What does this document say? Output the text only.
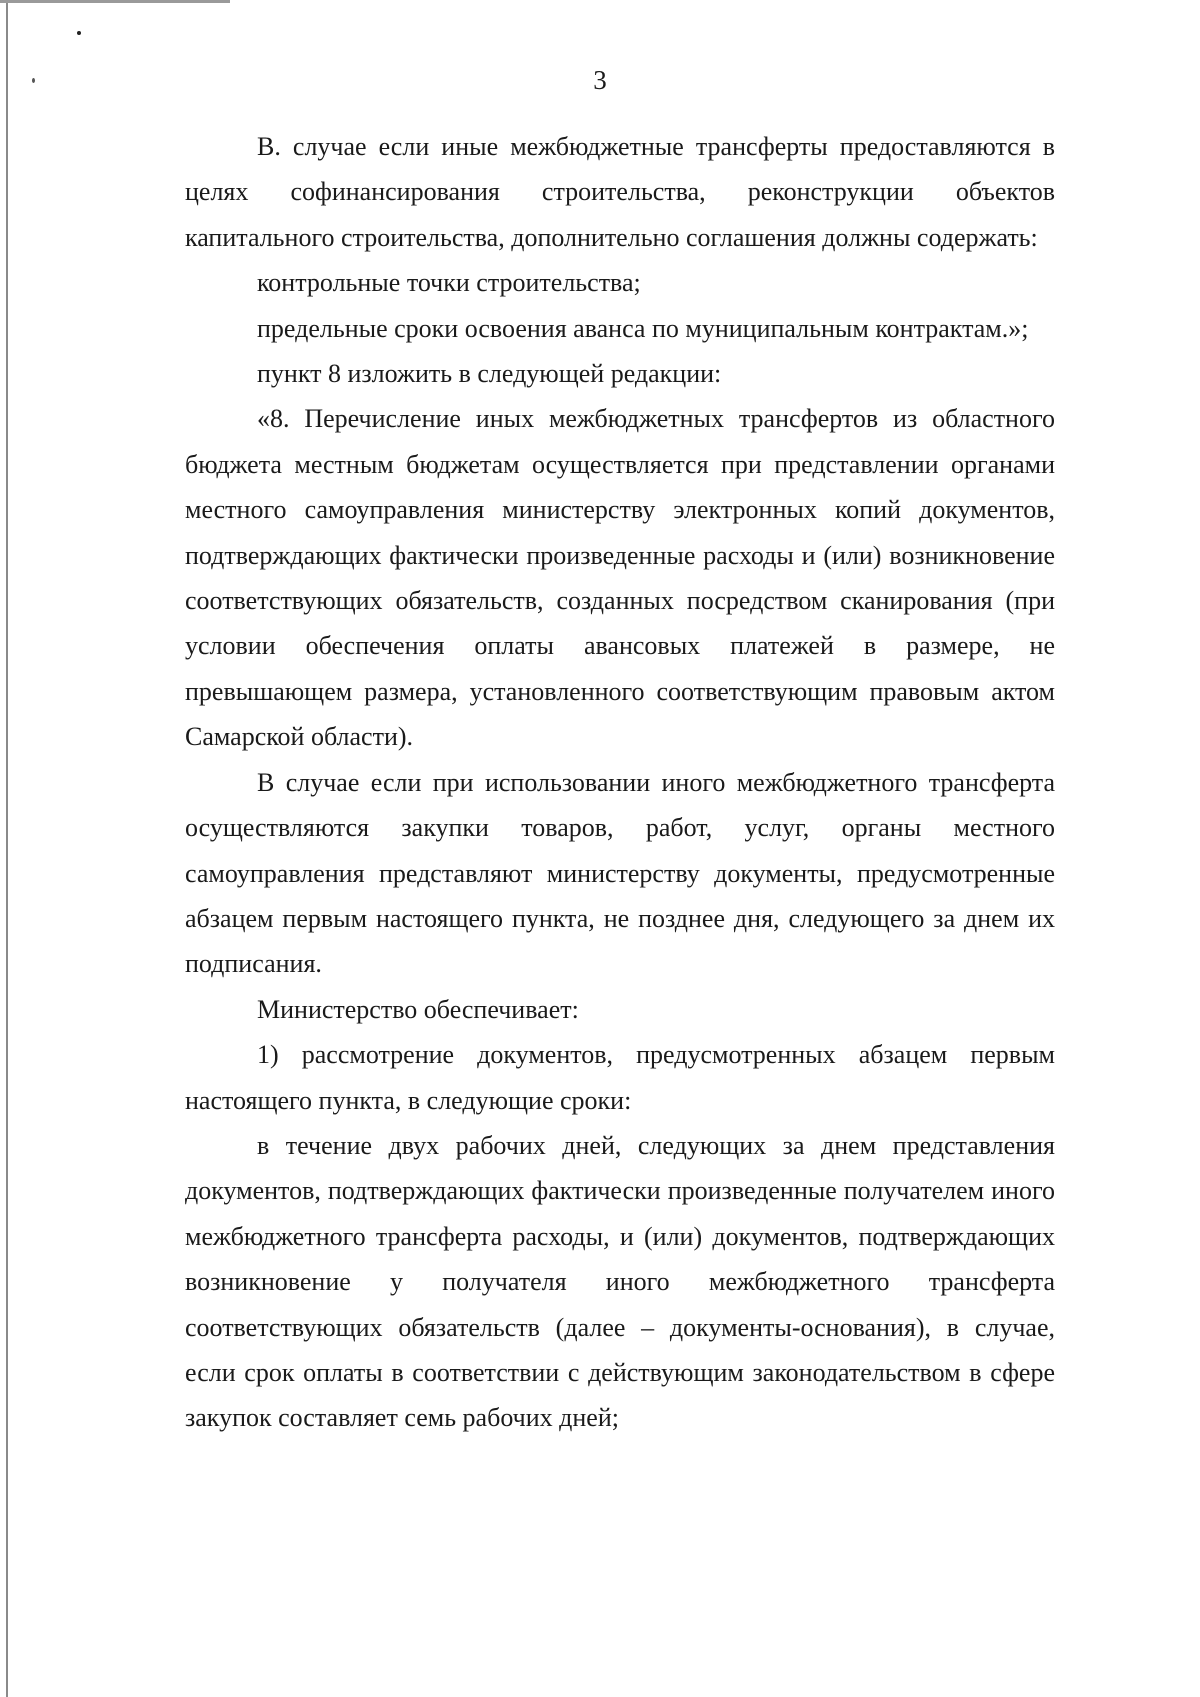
3

В. случае если иные межбюджетные трансферты предоставляются в целях софинансирования строительства, реконструкции объектов капитального строительства, дополнительно соглашения должны содержать:

контрольные точки строительства;

предельные сроки освоения аванса по муниципальным контрактам.»;

пункт 8 изложить в следующей редакции:

«8. Перечисление иных межбюджетных трансфертов из областного бюджета местным бюджетам осуществляется при представлении органами местного самоуправления министерству электронных копий документов, подтверждающих фактически произведенные расходы и (или) возникновение соответствующих обязательств, созданных посредством сканирования (при условии обеспечения оплаты авансовых платежей в размере, не превышающем размера, установленного соответствующим правовым актом Самарской области).

В случае если при использовании иного межбюджетного трансферта осуществляются закупки товаров, работ, услуг, органы местного самоуправления представляют министерству документы, предусмотренные абзацем первым настоящего пункта, не позднее дня, следующего за днем их подписания.

Министерство обеспечивает:

1) рассмотрение документов, предусмотренных абзацем первым настоящего пункта, в следующие сроки:

в течение двух рабочих дней, следующих за днем представления документов, подтверждающих фактически произведенные получателем иного межбюджетного трансферта расходы, и (или) документов, подтверждающих возникновение у получателя иного межбюджетного трансферта соответствующих обязательств (далее – документы-основания), в случае, если срок оплаты в соответствии с действующим законодательством в сфере закупок составляет семь рабочих дней;
